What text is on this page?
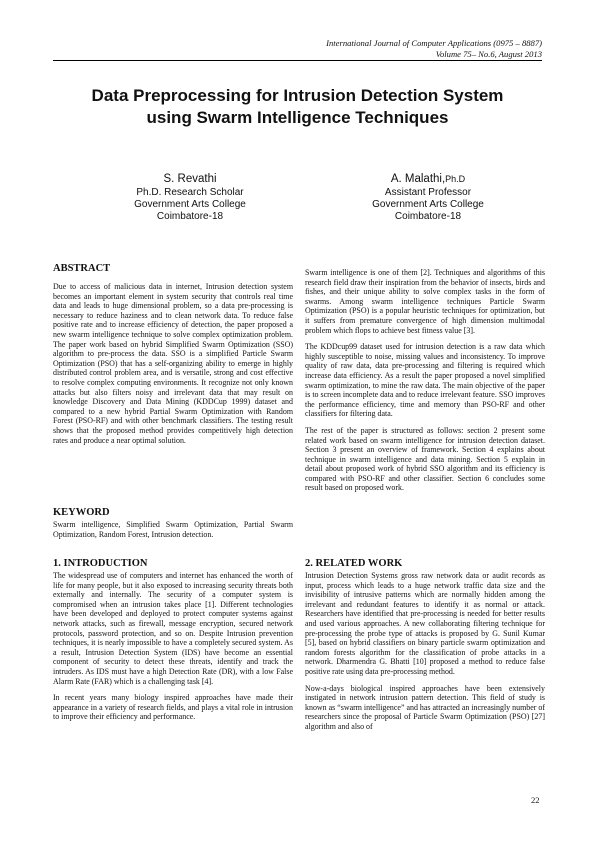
International Journal of Computer Applications (0975 – 8887)
Volume 75– No.6, August 2013
Data Preprocessing for Intrusion Detection System
using Swarm Intelligence Techniques
S. Revathi
Ph.D. Research Scholar
Government Arts College
Coimbatore-18
A. Malathi,Ph.D
Assistant Professor
Government Arts College
Coimbatore-18
ABSTRACT

Due to access of malicious data in internet, Intrusion detection system becomes an important element in system security that controls real time data and leads to huge dimensional problem, so a data pre-processing is necessary to reduce haziness and to clean network data. To reduce false positive rate and to increase efficiency of detection, the paper proposed a new swarm intelligence technique to solve complex optimization problem. The paper work based on hybrid Simplified Swarm Optimization (SSO) algorithm to pre-process the data. SSO is a simplified Particle Swarm Optimization (PSO) that has a self-organizing ability to emerge in highly distributed control problem area, and is versatile, strong and cost effective to resolve complex computing environments. It recognize not only known attacks but also filters noisy and irrelevant data that may result on knowledge Discovery and Data Mining (KDDCup 1999) dataset and compared to a new hybrid Partial Swarm Optimization with Random Forest (PSO-RF) and with other benchmark classifiers. The testing result shows that the proposed method provides competitively high detection rates and produce a near optimal solution.

KEYWORD

Swarm intelligence, Simplified Swarm Optimization, Partial Swarm Optimization, Random Forest, Intrusion detection.

1. INTRODUCTION

The widespread use of computers and internet has enhanced the worth of life for many people, but it also exposed to increasing security threats both externally and internally. The security of a computer system is compromised when an intrusion takes place [1]. Different technologies have been developed and deployed to protect computer systems against network attacks, such as firewall, message encryption, secured network protocols, password protection, and so on. Despite Intrusion prevention techniques, it is nearly impossible to have a completely secured system. As a result, Intrusion Detection System (IDS) have become an essential component of security to detect these threats, identify and track the intruders. As IDS must have a high Detection Rate (DR), with a low False Alarm Rate (FAR) which is a challenging task [4].

In recent years many biology inspired approaches have made their appearance in a variety of research fields, and plays a vital role in intrusion to improve their efficiency and performance.

Swarm intelligence is one of them [2]. Techniques and algorithms of this research field draw their inspiration from the behavior of insects, birds and fishes, and their unique ability to solve complex tasks in the form of swarms. Among swarm intelligence techniques Particle Swarm Optimization (PSO) is a popular heuristic techniques for optimization, but it suffers from premature convergence of high dimension multimodal problem which flops to achieve best fitness value [3].

The KDDcup99 dataset used for intrusion detection is a raw data which highly susceptible to noise, missing values and inconsistency. To improve quality of raw data, data pre-processing and filtering is required which increase data efficiency. As a result the paper proposed a novel simplified swarm optimization, to mine the raw data. The main objective of the paper is to screen incomplete data and to reduce irrelevant feature. SSO improves the performance efficiency, time and memory than PSO-RF and other classifiers for filtering data.

The rest of the paper is structured as follows: section 2 present some related work based on swarm intelligence for intrusion detection dataset. Section 3 present an overview of framework. Section 4 explains about technique in swarm intelligence and data mining. Section 5 explain in detail about proposed work of hybrid SSO algorithm and its efficiency is compared with PSO-RF and other classifier. Section 6 concludes some result based on proposed work.

2. RELATED WORK

Intrusion Detection Systems gross raw network data or audit records as input, process which leads to a huge network traffic data size and the invisibility of intrusive patterns which are normally hidden among the irrelevant and redundant features to identify it as normal or attack. Researchers have identified that pre-processing is needed for better results and used various approaches. A new collaborating filtering technique for pre-processing the probe type of attacks is proposed by G. Sunil Kumar [5], based on hybrid classifiers on binary particle swarm optimization and random forests algorithm for the classification of probe attacks in a network. Dharmendra G. Bhatti [10] proposed a method to reduce false positive rate using data pre-processing method.

Now-a-days biological inspired approaches have been extensively instigated in network intrusion pattern detection. This field of study is known as “swarm intelligence” and has attracted an increasingly number of researchers since the proposal of Particle Swarm Optimization (PSO) [27] algorithm and also of

22
